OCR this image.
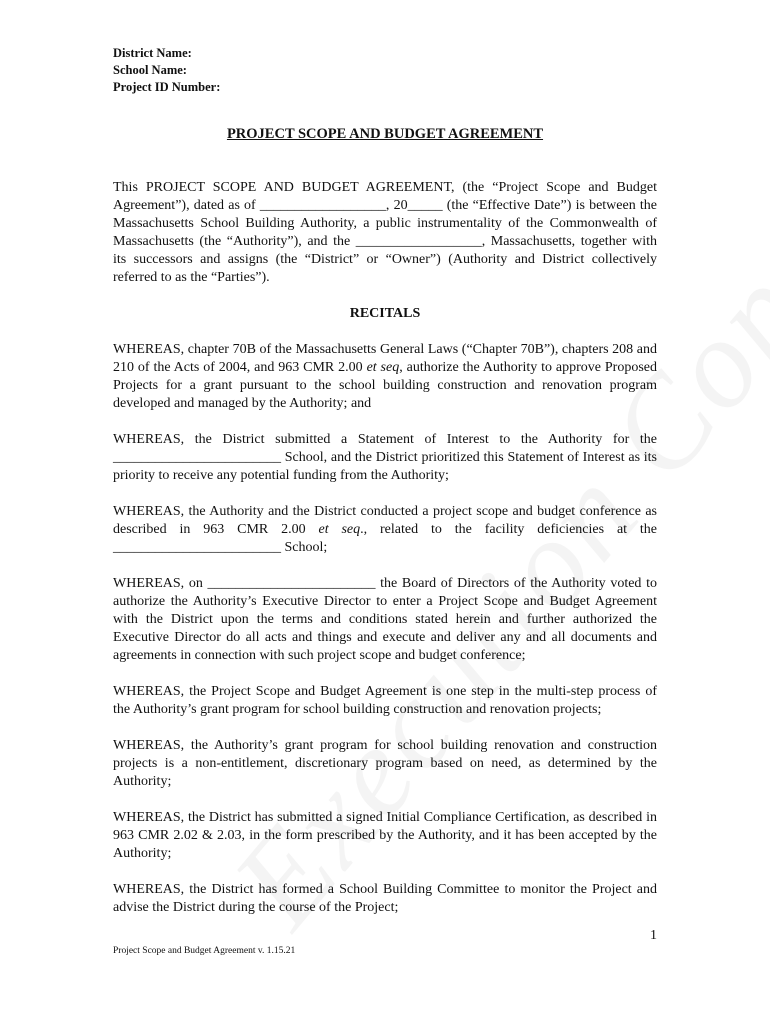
District Name:
School Name:
Project ID Number:
PROJECT SCOPE AND BUDGET AGREEMENT

This PROJECT SCOPE AND BUDGET AGREEMENT, (the “Project Scope and Budget Agreement”), dated as of __________________, 20_____ (the “Effective Date”) is between the Massachusetts School Building Authority, a public instrumentality of the Commonwealth of Massachusetts (the “Authority”), and the __________________, Massachusetts, together with its successors and assigns (the “District” or “Owner”) (Authority and District collectively referred to as the “Parties”).

RECITALS

WHEREAS, chapter 70B of the Massachusetts General Laws (“Chapter 70B”), chapters 208 and 210 of the Acts of 2004, and 963 CMR 2.00 et seq, authorize the Authority to approve Proposed Projects for a grant pursuant to the school building construction and renovation program developed and managed by the Authority; and

WHEREAS, the District submitted a Statement of Interest to the Authority for the ________________________ School, and the District prioritized this Statement of Interest as its priority to receive any potential funding from the Authority;

WHEREAS, the Authority and the District conducted a project scope and budget conference as described in 963 CMR 2.00 et seq., related to the facility deficiencies at the ________________________ School;

WHEREAS, on ________________________ the Board of Directors of the Authority voted to authorize the Authority’s Executive Director to enter a Project Scope and Budget Agreement with the District upon the terms and conditions stated herein and further authorized the Executive Director do all acts and things and execute and deliver any and all documents and agreements in connection with such project scope and budget conference;

WHEREAS, the Project Scope and Budget Agreement is one step in the multi-step process of the Authority’s grant program for school building construction and renovation projects;

WHEREAS, the Authority’s grant program for school building renovation and construction projects is a non-entitlement, discretionary program based on need, as determined by the Authority;

WHEREAS, the District has submitted a signed Initial Compliance Certification, as described in 963 CMR 2.02 & 2.03, in the form prescribed by the Authority, and it has been accepted by the Authority;

WHEREAS, the District has formed a School Building Committee to monitor the Project and advise the District during the course of the Project;

1
Project Scope and Budget Agreement v. 1.15.21
